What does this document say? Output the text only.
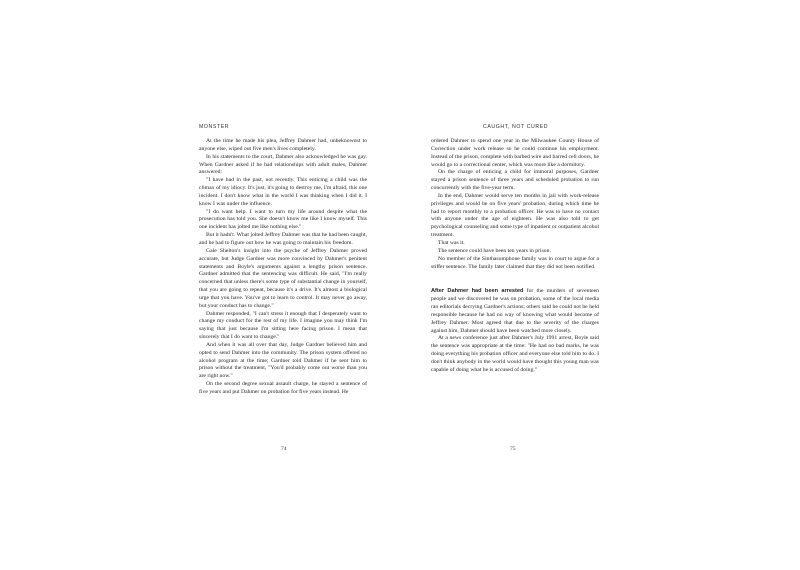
MONSTER

At the time he made his plea, Jeffrey Dahmer had, unbeknownst to anyone else, wiped out five men's lives completely.

In his statements to the court, Dahmer also acknowledged he was gay. When Gardner asked if he had relationships with adult males, Dahmer answered:

"I have had in the past, not recently. This enticing a child was the climax of my idiocy. It's just, it's going to destroy me, I'm afraid, this one incident. I don't know what in the world I was thinking when I did it. I know I was under the influence.

"I do want help. I want to turn my life around despite what the prosecution has told you. She doesn't know me like I know myself. This one incident has jolted me like nothing else."

But it hadn't. What jolted Jeffrey Dahmer was that he had been caught, and he had to figure out how he was going to maintain his freedom.

Gale Shelton's insight into the psyche of Jeffrey Dahmer proved accurate, but Judge Gardner was more convinced by Dahmer's penitent statements and Boyle's arguments against a lengthy prison sentence. Gardner admitted that the sentencing was difficult. He said, "I'm really concerned that unless there's some type of substantial change in yourself, that you are going to repeat, because it's a drive. It's almost a biological urge that you have. You've got to learn to control. It may never go away, but your conduct has to change."

Dahmer responded, "I can't stress it enough that I desperately want to change my conduct for the rest of my life. I imagine you may think I'm saying that just because I'm sitting here facing prison. I mean that sincerely that I do want to change."

And when it was all over that day, Judge Gardner believed him and opted to send Dahmer into the community. The prison system offered no alcohol program at the time; Gardner told Dahmer if he sent him to prison without the treatment, "You'd probably come out worse than you are right now."

On the second degree sexual assault charge, he stayed a sentence of five years and put Dahmer on probation for five years instead. He

74
CAUGHT, NOT CURED

ordered Dahmer to spend one year in the Milwaukee County House of Correction under work release so he could continue his employment. Instead of the prison, complete with barbed wire and barred cell doors, he would go to a correctional center, which was more like a dormitory.

On the charge of enticing a child for immoral purposes, Gardner stayed a prison sentence of three years and scheduled probation to run concurrently with the five-year term.

In the end, Dahmer would serve ten months in jail with work-release privileges and would be on five years' probation, during which time he had to report monthly to a probation officer. He was to have no contact with anyone under the age of eighteen. He was also told to get psychological counseling and some type of inpatient or outpatient alcohol treatment.

That was it.

The sentence could have been ten years in prison.

No member of the Sinthasomphone family was in court to argue for a stiffer sentence. The family later claimed that they did not been notified.

After Dahmer had been arrested for the murders of seventeen people and we discovered he was on probation, some of the local media ran editorials decrying Gardner's actions; others said he could not be held responsible because he had no way of knowing what would become of Jeffrey Dahmer. Most agreed that due to the severity of the charges against him, Dahmer should have been watched more closely.

At a news conference just after Dahmer's July 1991 arrest, Boyle said the sentence was appropriate at the time: "He had no bad marks, he was doing everything his probation officer and everyone else told him to do. I don't think anybody in the world would have thought this young man was capable of doing what he is accused of doing."

75
